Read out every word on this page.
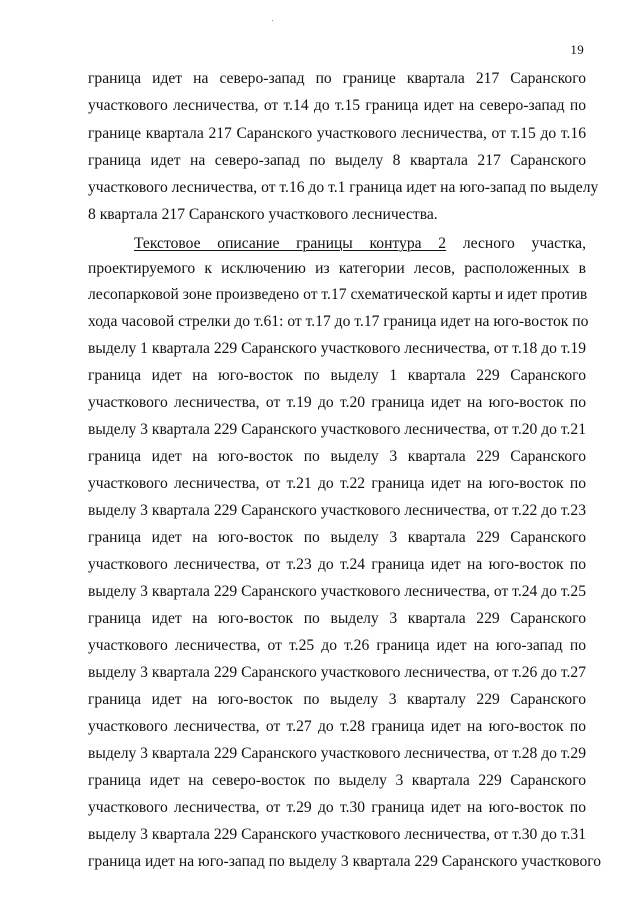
19
граница идет на северо-запад по границе квартала 217 Саранского
участкового лесничества, от т.14 до т.15 граница идет на северо-запад по
границе квартала 217 Саранского участкового лесничества, от т.15 до т.16
граница идет на северо-запад по выделу 8 квартала 217 Саранского
участкового лесничества, от т.16 до т.1 граница идет на юго-запад по выделу
8 квартала 217 Саранского участкового лесничества.
Текстовое описание границы контура 2 лесного участка,
проектируемого к исключению из категории лесов, расположенных в
лесопарковой зоне произведено от т.17 схематической карты и идет против
хода часовой стрелки до т.61: от т.17 до т.17 граница идет на юго-восток по
выделу 1 квартала 229 Саранского участкового лесничества, от т.18 до т.19
граница идет на юго-восток по выделу 1 квартала 229 Саранского
участкового лесничества, от т.19 до т.20 граница идет на юго-восток по
выделу 3 квартала 229 Саранского участкового лесничества, от т.20 до т.21
граница идет на юго-восток по выделу 3 квартала 229 Саранского
участкового лесничества, от т.21 до т.22 граница идет на юго-восток по
выделу 3 квартала 229 Саранского участкового лесничества, от т.22 до т.23
граница идет на юго-восток по выделу 3 квартала 229 Саранского
участкового лесничества, от т.23 до т.24 граница идет на юго-восток по
выделу 3 квартала 229 Саранского участкового лесничества, от т.24 до т.25
граница идет на юго-восток по выделу 3 квартала 229 Саранского
участкового лесничества, от т.25 до т.26 граница идет на юго-запад по
выделу 3 квартала 229 Саранского участкового лесничества, от т.26 до т.27
граница идет на юго-восток по выделу 3 кварталу 229 Саранского
участкового лесничества, от т.27 до т.28 граница идет на юго-восток по
выделу 3 квартала 229 Саранского участкового лесничества, от т.28 до т.29
граница идет на северо-восток по выделу 3 квартала 229 Саранского
участкового лесничества, от т.29 до т.30 граница идет на юго-восток по
выделу 3 квартала 229 Саранского участкового лесничества, от т.30 до т.31
граница идет на юго-запад по выделу 3 квартала 229 Саранского участкового
